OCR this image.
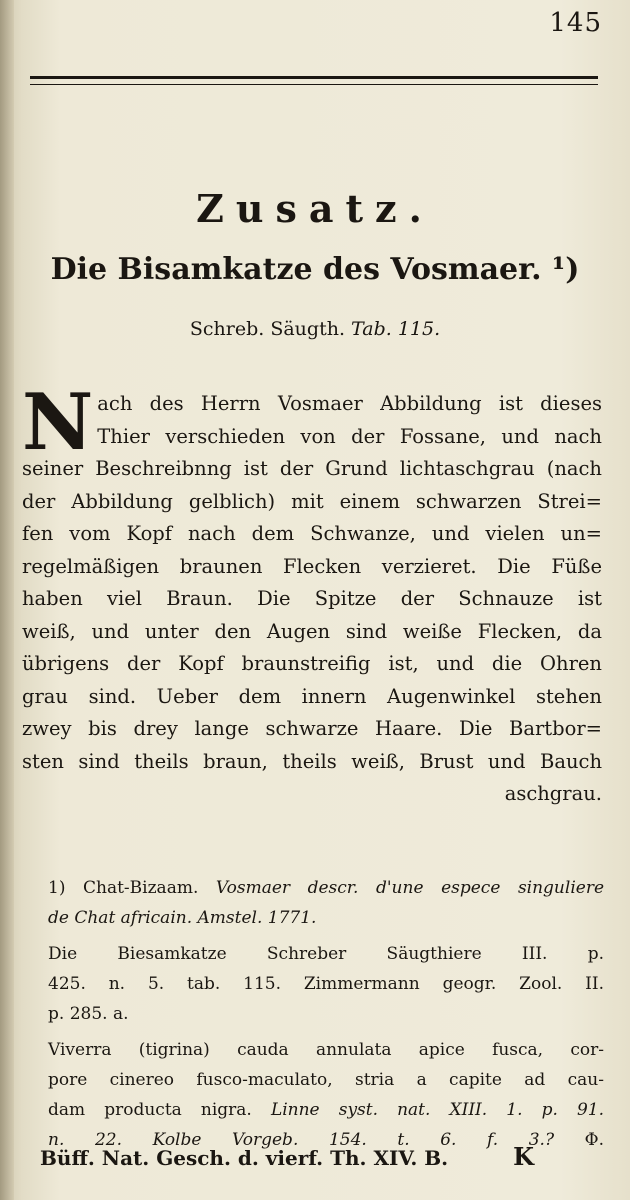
145
Zusatz.
Die Bisamkatze des Vosmaer. ¹)
Schreb. Säugth. Tab. 115.
N ach des Herrn Vosmaer Abbildung ist dieses
Thier verschieden von der Fossane, und nach
seiner Beschreibnng ist der Grund lichtaschgrau (nach
der Abbildung gelblich) mit einem schwarzen Strei=
fen vom Kopf nach dem Schwanze, und vielen un=
regelmäßigen braunen Flecken verzieret. Die Füße
haben viel Braun. Die Spitze der Schnauze ist
weiß, und unter den Augen sind weiße Flecken, da
übrigens der Kopf braunstreifig ist, und die Ohren
grau sind. Ueber dem innern Augenwinkel stehen
zwey bis drey lange schwarze Haare. Die Bartbor=
sten sind theils braun, theils weiß, Brust und Bauch
aschgrau.
1) Chat-Bizaam. Vosmaer descr. d'une espece singuliere
de Chat africain. Amstel. 1771.
Die Biesamkatze Schreber Säugthiere III. p.
425. n. 5. tab. 115. Zimmermann geogr. Zool. II.
p. 285. a.
Viverra (tigrina) cauda annulata apice fusca, cor-
pore cinereo fusco-maculato, stria a capite ad cau-
dam producta nigra. Linne syst. nat. XIII. 1. p. 91.
n. 22. Kolbe Vorgeb. 154. t. 6. f. 3.? Φ.
Büff. Nat. Gesch. d. vierf. Th. XIV. B.	K
